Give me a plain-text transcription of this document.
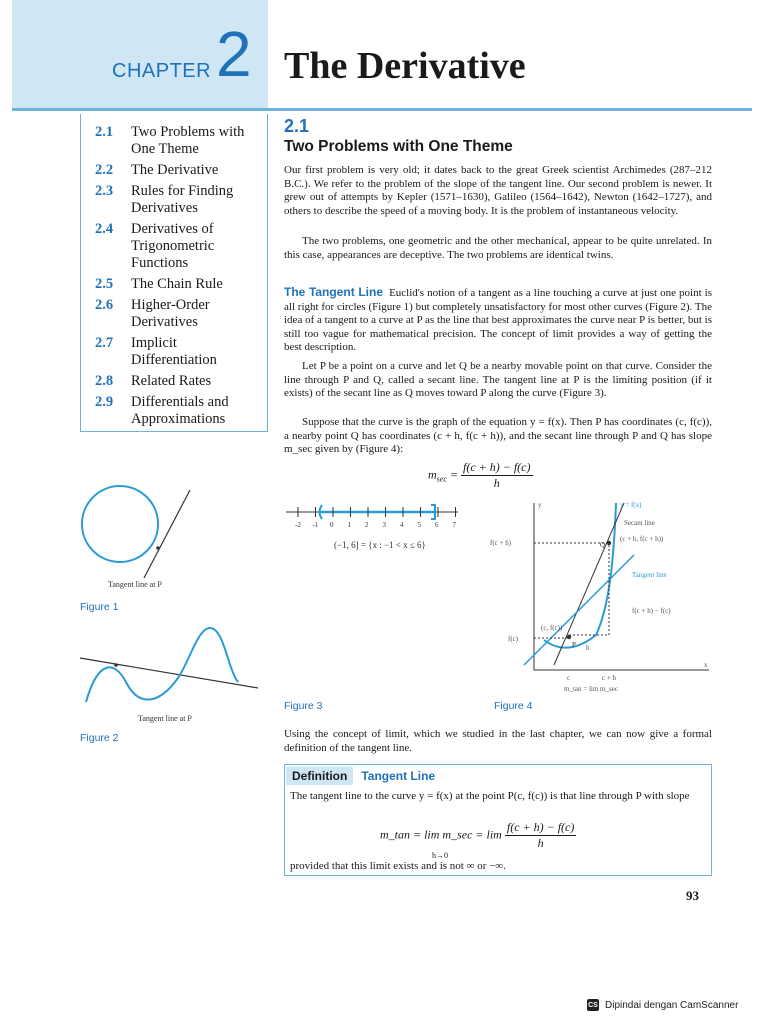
CHAPTER 2 The Derivative
2.1	Two Problems with One Theme
2.2	The Derivative
2.3	Rules for Finding Derivatives
2.4	Derivatives of Trigonometric Functions
2.5	The Chain Rule
2.6	Higher-Order Derivatives
2.7	Implicit Differentiation
2.8	Related Rates
2.9	Differentials and Approximations
2.1
Two Problems with One Theme
Our first problem is very old; it dates back to the great Greek scientist Archimedes (287–212 B.C.). We refer to the problem of the slope of the tangent line. Our second problem is newer. It grew out of attempts by Kepler (1571–1630), Galileo (1564–1642), Newton (1642–1727), and others to describe the speed of a moving body. It is the problem of instantaneous velocity.
The two problems, one geometric and the other mechanical, appear to be quite unrelated. In this case, appearances are deceptive. The two problems are identical twins.
The Tangent Line Euclid's notion of a tangent as a line touching a curve at just one point is all right for circles (Figure 1) but completely unsatisfactory for most other curves (Figure 2). The idea of a tangent to a curve at P as the line that best approximates the curve near P is better, but is still too vague for mathematical precision. The concept of limit provides a way of getting the best description.
Let P be a point on a curve and let Q be a nearby movable point on that curve. Consider the line through P and Q, called a secant line. The tangent line at P is the limiting position (if it exists) of the secant line as Q moves toward P along the curve (Figure 3).
Suppose that the curve is the graph of the equation y = f(x). Then P has coordinates (c, f(c)), a nearby point Q has coordinates (c + h, f(c + h)), and the secant line through P and Q has slope m_sec given by (Figure 4):
$m_{sec} = \frac{f(c + h) - f(c)}{h}$
Tangent line at P
Figure 1
Tangent line at P
Figure 2
-2 -1 0 1 2 3 4 5 6 7
(−1, 6] = {x : −1 < x ≤ 6}
Figure 3
y = f(x)
Secant line
(c + h, f(c + h))
f(c + h)
Tangent line
f(c + h) − f(c)
(c, f(c))
f(c)
c	c + h
h
x
y
P
Q
m_tan = lim m_sec
Figure 4
Using the concept of limit, which we studied in the last chapter, we can now give a formal definition of the tangent line.
Definition	Tangent Line
The tangent line to the curve y = f(x) at the point P(c, f(c)) is that line through P with slope
m_tan = lim m_sec = $\lim \frac{f(c + h) - f(c)}{h}$
h→0
provided that this limit exists and is not ∞ or −∞.
93
CS Dipindai dengan CamScanner
